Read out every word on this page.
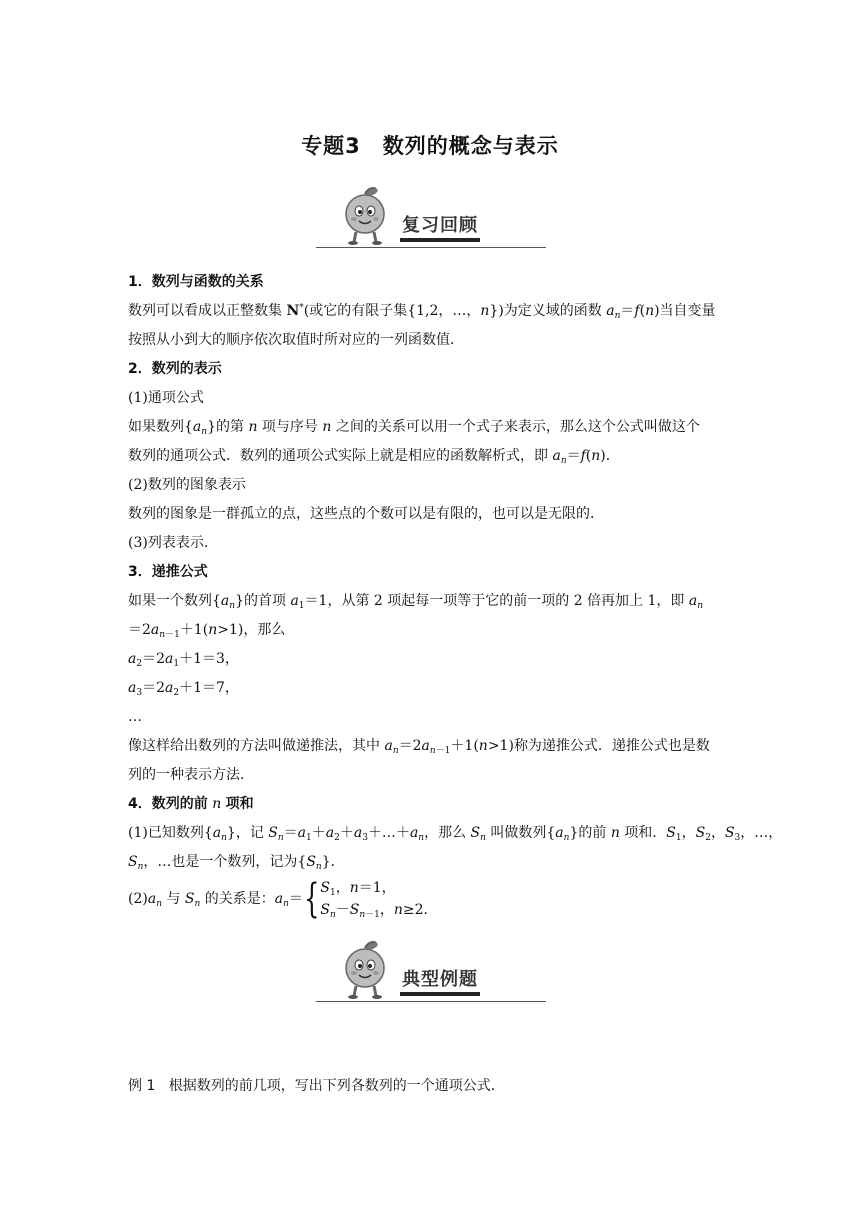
专题3　数列的概念与表示
复习回顾
1．数列与函数的关系
数列可以看成以正整数集 N*(或它的有限子集{1,2，…，n})为定义域的函数 $a_n=f(n)$当自变量
按照从小到大的顺序依次取值时所对应的一列函数值．
2．数列的表示
(1)通项公式
如果数列$\{a_n\}$的第 n 项与序号 n 之间的关系可以用一个式子来表示，那么这个公式叫做这个
数列的通项公式．数列的通项公式实际上就是相应的函数解析式，即 $a_n=f(n)$．
(2)数列的图象表示
数列的图象是一群孤立的点，这些点的个数可以是有限的，也可以是无限的．
(3)列表表示．
3．递推公式
如果一个数列$\{a_n\}$的首项 $a_1=1$，从第 2 项起每一项等于它的前一项的 2 倍再加上 1，即 $a_n$
$=2a_{n-1}+1(n>1)$，那么
$a_2=2a_1+1=3$，
$a_3=2a_2+1=7$，
…
像这样给出数列的方法叫做递推法，其中 $a_n=2a_{n-1}+1(n>1)$称为递推公式．递推公式也是数
列的一种表示方法．
4．数列的前 n 项和
(1)已知数列$\{a_n\}$，记 $S_n=a_1+a_2+a_3+\dots+a_n$，那么 $S_n$ 叫做数列$\{a_n\}$的前 n 项和．$S_1$，$S_2$，$S_3$，…，
$S_n$，…也是一个数列，记为$\{S_n\}$．
$(2)a_n$ 与 $S_n$ 的关系是：$a_n=${ $S_1$，n＝1，
$S_n-S_{n-1}$，n≥2．
典型例题
例 1 根据数列的前几项，写出下列各数列的一个通项公式．
